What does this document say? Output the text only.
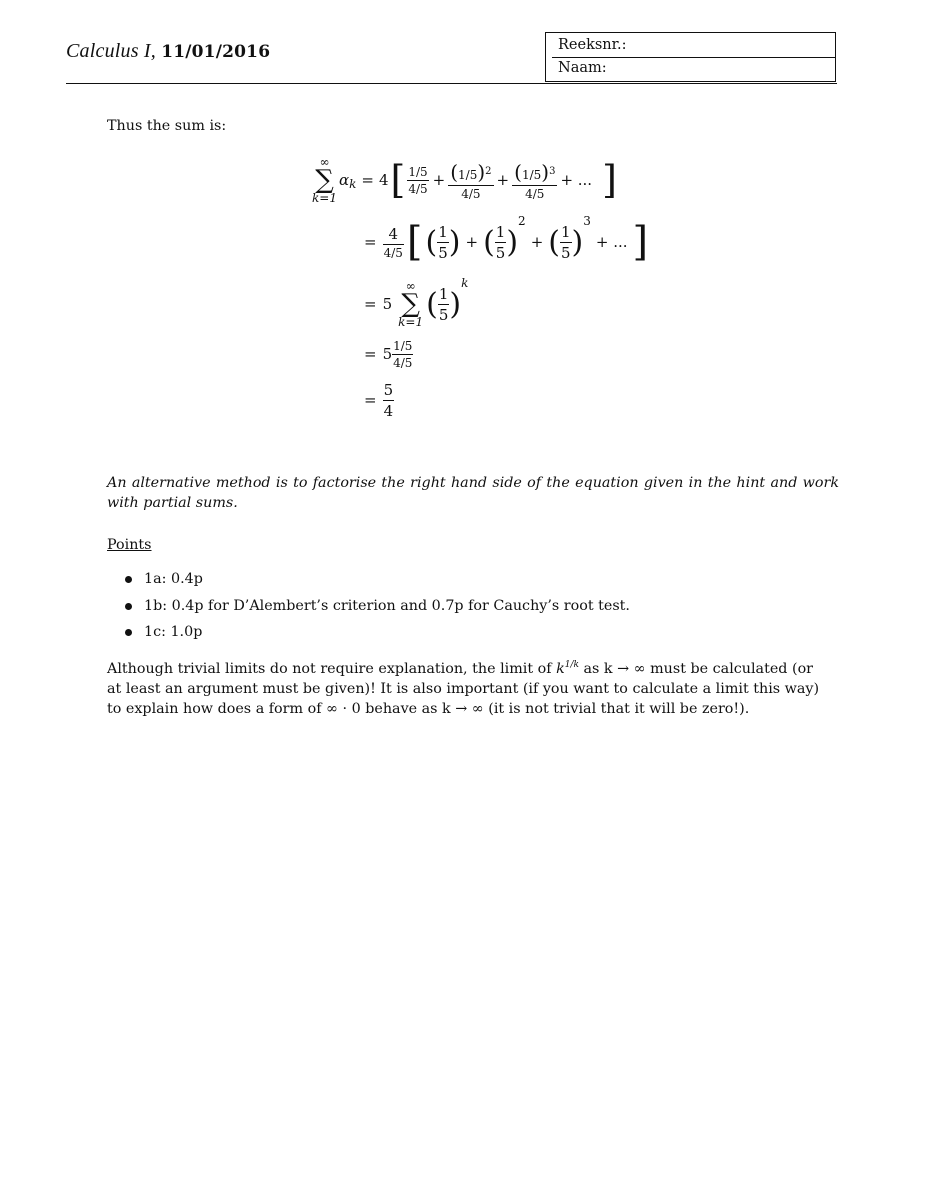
Calculus I, 11/01/2016	Reeksnr.:
Naam:
Thus the sum is:
∞
∑
k=1
α k = 4 [ $\frac{1/5}{4/5} + \frac{(1/5)^2}{4/5} + \frac{(1/5)^3}{4/5}$ + ... ]
= $\frac{4}{4/5}$ [ ( $\frac{1}{5}$ ) + ( $\frac{1}{5}$ )
$^2$
+ ( $\frac{1}{5}$ )
$^3$
+ ... ]
= 5
∞
∑
k=1
( $\frac{1}{5}$ )
$^k$
= $5 \frac{1/5}{4/5}$
= $\frac{5}{4}$
An alternative method is to factorise the right hand side of the equation given in the hint and work with partial sums.
Points
1a: 0.4p
1b: 0.4p for D’Alembert’s criterion and 0.7p for Cauchy’s root test.
1c: 1.0p
Although trivial limits do not require explanation, the limit of $k^{1/k}$ as k → ∞ must be calculated (or
at least an argument must be given)! It is also important (if you want to calculate a limit this way)
to explain how does a form of ∞ · 0 behave as k → ∞ (it is not trivial that it will be zero!).
